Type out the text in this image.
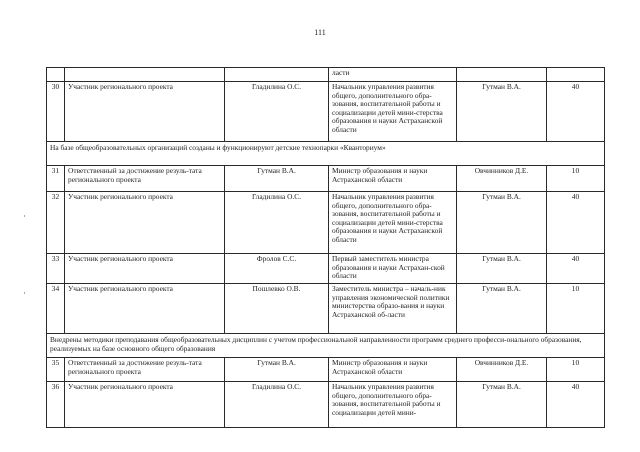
111
			ласти		
30	Участник регионального проекта	Гладилина О.С.	Начальник управления развития общего, дополнительного обра-зования, воспитательной работы и социализации детей мини-стерства образования и науки Астраханской области	Гутман В.А.	40
На базе общеобразовательных организаций созданы и функционируют детские технопарки «Кванториум»					
31	Ответственный за достижение резуль-тата регионального проекта	Гутман В.А.	Министр образования и науки Астраханской области	Овчинников Д.Е.	10
32	Участник регионального проекта	Гладилина О.С.	Начальник управления развития общего, дополнительного обра-зования, воспитательной работы и социализации детей мини-стерства образования и науки Астраханской области	Гутман В.А.	40
33	Участник регионального проекта	Фролов С.С.	Первый заместитель министра образования и науки Астрахан-ской области	Гутман В.А.	40
34	Участник регионального проекта	Пошлевко О.В.	Заместитель министра – началь-ник управления экономической политики министерства образо-вания и науки Астраханской об-ласти	Гутман В.А.	10
Внедрены методики преподавания общеобразовательных дисциплин с учетом профессиональной направленности программ среднего професси-онального образования, реализуемых на базе основного общего образования					
35	Ответственный за достижение резуль-тата регионального проекта	Гутман В.А.	Министр образования и науки Астраханской области	Овчинников Д.Е.	10
36	Участник регионального проекта	Гладилина О.С.	Начальник управления развития общего, дополнительного обра-зования, воспитательной работы и социализации детей мини-	Гутман В.А.	40
